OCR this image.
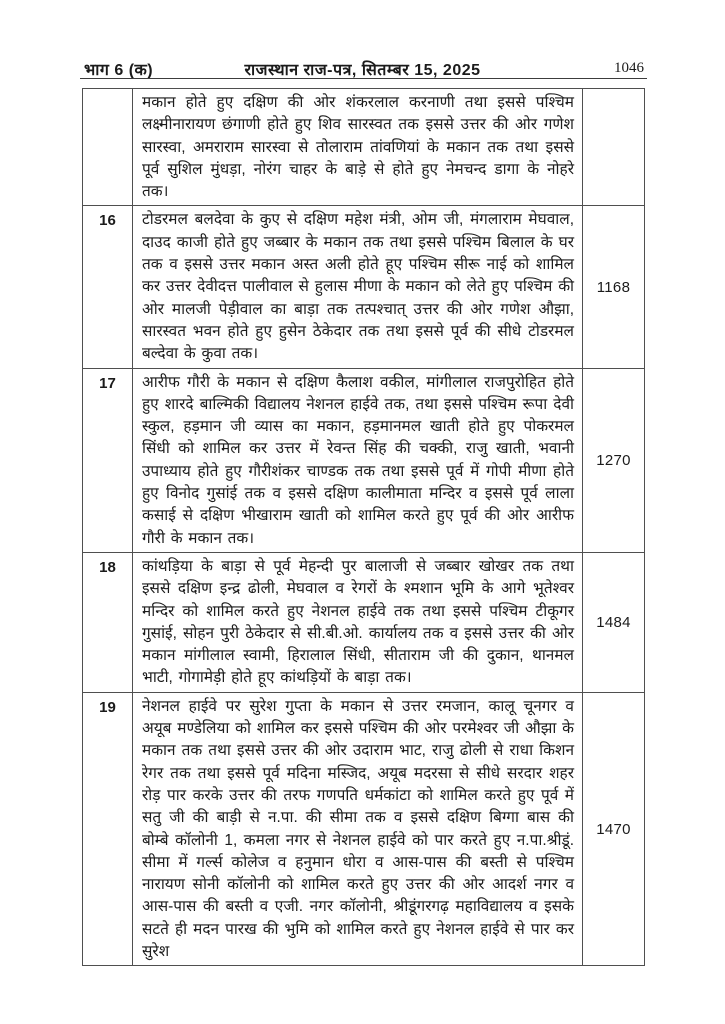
भाग 6 (क)	राजस्थान राज-पत्र, सितम्बर 15, 2025	1046

	मकान होते हुए दक्षिण की ओर शंकरलाल करनाणी तथा इससे पश्चिम लक्ष्मीनारायण छंगाणी होते हुए शिव सारस्वत तक इससे उत्तर की ओर गणेश सारस्वा, अमराराम सारस्वा से तोलाराम तांवणियां के मकान तक तथा इससे पूर्व सुशिल मुंधड़ा, नोरंग चाहर के बाड़े से होते हुए नेमचन्द डागा के नोहरे तक।	

16	टोडरमल बलदेवा के कुए से दक्षिण महेश मंत्री, ओम जी, मंगलाराम मेघवाल, दाउद काजी होते हुए जब्बार के मकान तक तथा इससे पश्चिम बिलाल के घर तक व इससे उत्तर मकान अस्त अली होते हूए पश्चिम सीरू नाई को शामिल कर उत्तर देवीदत्त पालीवाल से हुलास मीणा के मकान को लेते हुए पश्चिम की ओर मालजी पेड़ीवाल का बाड़ा तक तत्पश्चात् उत्तर की ओर गणेश औझा, सारस्वत भवन होते हुए हुसेन ठेकेदार तक तथा इससे पूर्व की सीधे टोडरमल बल्देवा के कुवा तक।	1168
17	आरीफ गौरी के मकान से दक्षिण कैलाश वकील, मांगीलाल राजपुरोहित होते हुए शारदे बाल्मिकी विद्यालय नेशनल हाईवे तक, तथा इससे पश्चिम रूपा देवी स्कुल, हड़मान जी व्यास का मकान, हड़मानमल खाती होते हुए पोकरमल सिंधी को शामिल कर उत्तर में रेवन्त सिंह की चक्की, राजु खाती, भवानी उपाध्याय होते हुए गौरीशंकर चाण्डक तक तथा इससे पूर्व में गोपी मीणा होते हुए विनोद गुसांई तक व इससे दक्षिण कालीमाता मन्दिर व इससे पूर्व लाला कसाई से दक्षिण भीखाराम खाती को शामिल करते हुए पूर्व की ओर आरीफ गौरी के मकान तक।	1270
18	कांथड़िया के बाड़ा से पूर्व मेहन्दी पुर बालाजी से जब्बार खोखर तक तथा इससे दक्षिण इन्द्र ढोली, मेघवाल व रेगरों के श्मशान भूमि के आगे भूतेश्वर मन्दिर को शामिल करते हुए नेशनल हाईवे तक तथा इससे पश्चिम टीकूगर गुसांई, सोहन पुरी ठेकेदार से सी.बी.ओ. कार्यालय तक व इससे उत्तर की ओर मकान मांगीलाल स्वामी, हिरालाल सिंधी, सीताराम जी की दुकान, थानमल भाटी, गोगामेड़ी होते हूए कांथड़ियों के बाड़ा तक।	1484
19	नेशनल हाईवे पर सुरेश गुप्ता के मकान से उत्तर रमजान, कालू चूनगर व अयूब मण्डेलिया को शामिल कर इससे पश्चिम की ओर परमेश्वर जी औझा के मकान तक तथा इससे उत्तर की ओर उदाराम भाट, राजु ढोली से राधा किशन रेगर तक तथा इससे पूर्व मदिना मस्जिद, अयूब मदरसा से सीधे सरदार शहर रोड़ पार करके उत्तर की तरफ गणपति धर्मकांटा को शामिल करते हुए पूर्व में सतु जी की बाड़ी से न.पा. की सीमा तक व इससे दक्षिण बिग्गा बास की बोम्बे कॉलोनी 1, कमला नगर से नेशनल हाईवे को पार करते हुए न.पा.श्रीडूं. सीमा में गर्ल्स कोलेज व हनुमान धोरा व आस-पास की बस्ती से पश्चिम नारायण सोनी कॉलोनी को शामिल करते हुए उत्तर की ओर आदर्श नगर व आस-पास की बस्ती व एजी. नगर कॉलोनी, श्रीडूंगरगढ़ महाविद्यालय व इसके सटते ही मदन पारख की भुमि को शामिल करते हुए नेशनल हाईवे से पार कर सुरेश	1470
